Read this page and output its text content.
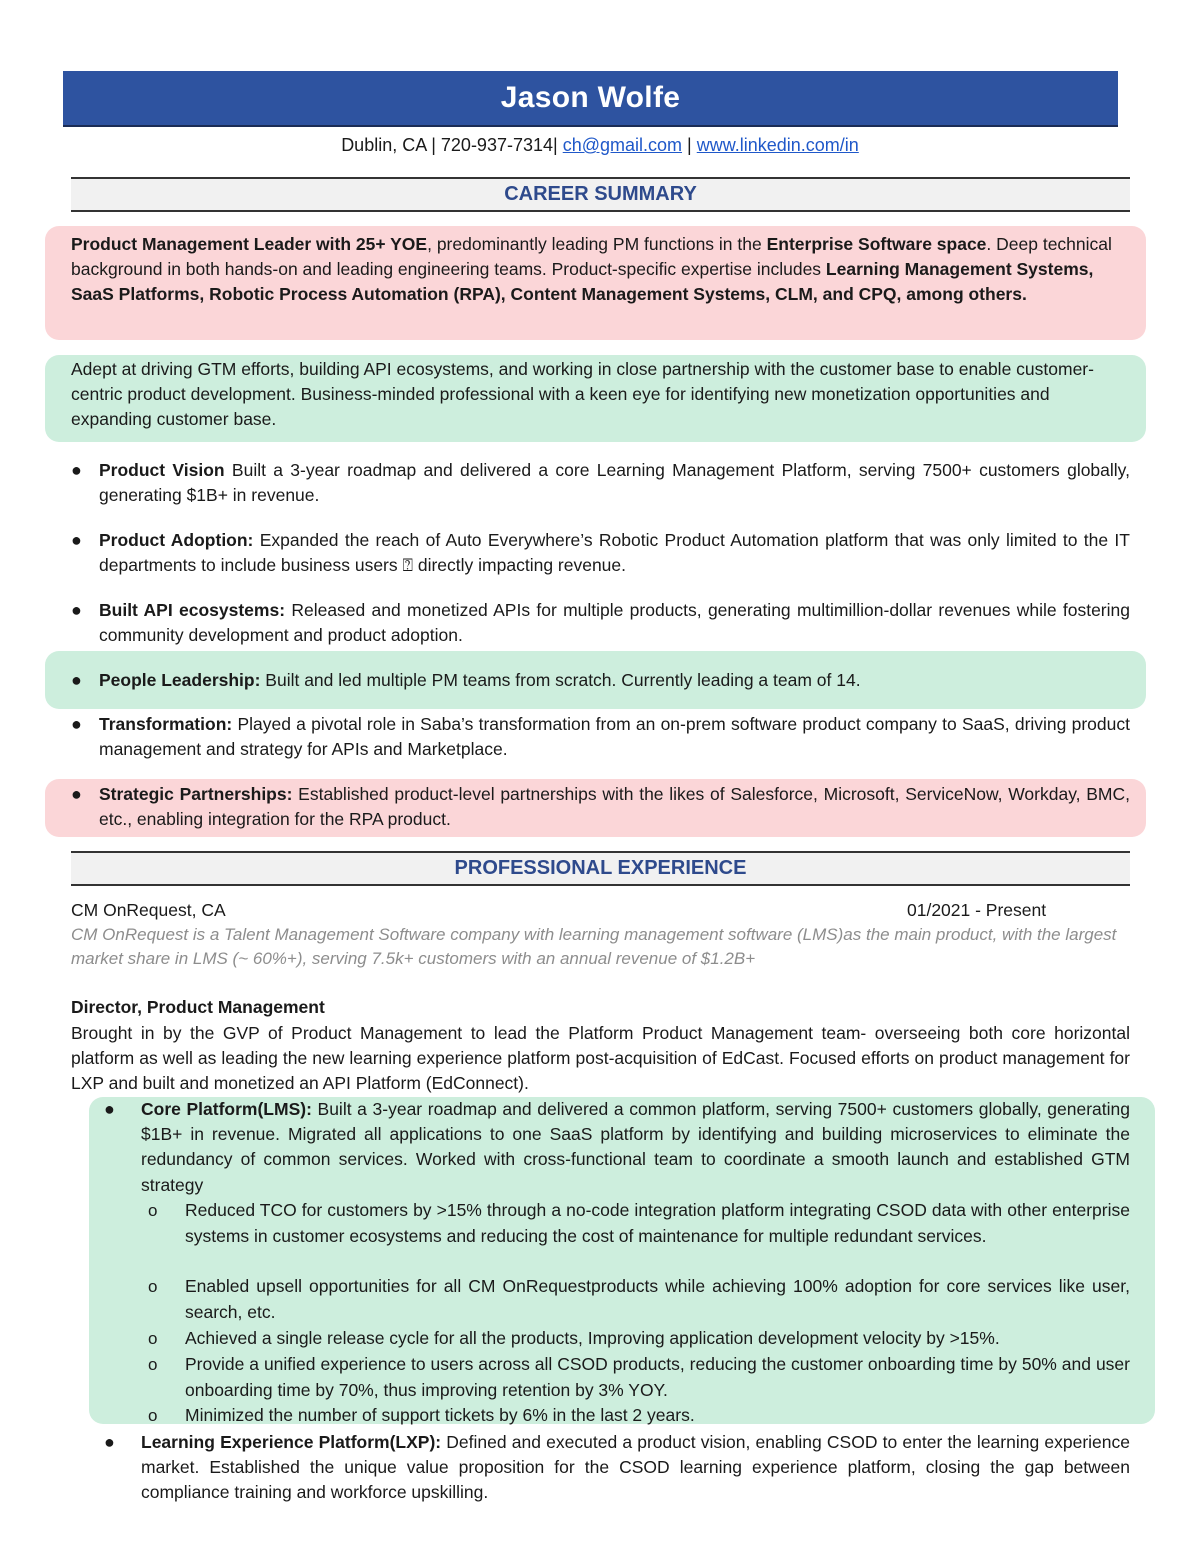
Jason Wolfe
Dublin, CA | 720-937-7314| ch@gmail.com | www.linkedin.com/in
CAREER SUMMARY
Product Management Leader with 25+ YOE, predominantly leading PM functions in the Enterprise Software space. Deep technical background in both hands-on and leading engineering teams. Product-specific expertise includes Learning Management Systems, SaaS Platforms, Robotic Process Automation (RPA), Content Management Systems, CLM, and CPQ, among others.
Adept at driving GTM efforts, building API ecosystems, and working in close partnership with the customer base to enable customer-centric product development. Business-minded professional with a keen eye for identifying new monetization opportunities and expanding customer base.
● Product Vision Built a 3-year roadmap and delivered a core Learning Management Platform, serving 7500+ customers globally, generating $1B+ in revenue.
● Product Adoption: Expanded the reach of Auto Everywhere’s Robotic Product Automation platform that was only limited to the IT departments to include business users ⍰ directly impacting revenue.
● Built API ecosystems: Released and monetized APIs for multiple products, generating multimillion-dollar revenues while fostering community development and product adoption.
● People Leadership: Built and led multiple PM teams from scratch. Currently leading a team of 14.
● Transformation: Played a pivotal role in Saba’s transformation from an on-prem software product company to SaaS, driving product management and strategy for APIs and Marketplace.
● Strategic Partnerships: Established product-level partnerships with the likes of Salesforce, Microsoft, ServiceNow, Workday, BMC, etc., enabling integration for the RPA product.
PROFESSIONAL EXPERIENCE
CM OnRequest, CA	01/2021 - Present
CM OnRequest is a Talent Management Software company with learning management software (LMS)as the main product, with the largest market share in LMS (~ 60%+), serving 7.5k+ customers with an annual revenue of $1.2B+
Director, Product Management
Brought in by the GVP of Product Management to lead the Platform Product Management team- overseeing both core horizontal platform as well as leading the new learning experience platform post-acquisition of EdCast. Focused efforts on product management for LXP and built and monetized an API Platform (EdConnect).
● Core Platform(LMS): Built a 3-year roadmap and delivered a common platform, serving 7500+ customers globally, generating $1B+ in revenue. Migrated all applications to one SaaS platform by identifying and building microservices to eliminate the redundancy of common services. Worked with cross-functional team to coordinate a smooth launch and established GTM strategy
o Reduced TCO for customers by >15% through a no-code integration platform integrating CSOD data with other enterprise systems in customer ecosystems and reducing the cost of maintenance for multiple redundant services.
o Enabled upsell opportunities for all CM OnRequestproducts while achieving 100% adoption for core services like user, search, etc.
o Achieved a single release cycle for all the products, Improving application development velocity by >15%.
o Provide a unified experience to users across all CSOD products, reducing the customer onboarding time by 50% and user onboarding time by 70%, thus improving retention by 3% YOY.
o Minimized the number of support tickets by 6% in the last 2 years.
● Learning Experience Platform(LXP): Defined and executed a product vision, enabling CSOD to enter the learning experience market. Established the unique value proposition for the CSOD learning experience platform, closing the gap between compliance training and workforce upskilling.
